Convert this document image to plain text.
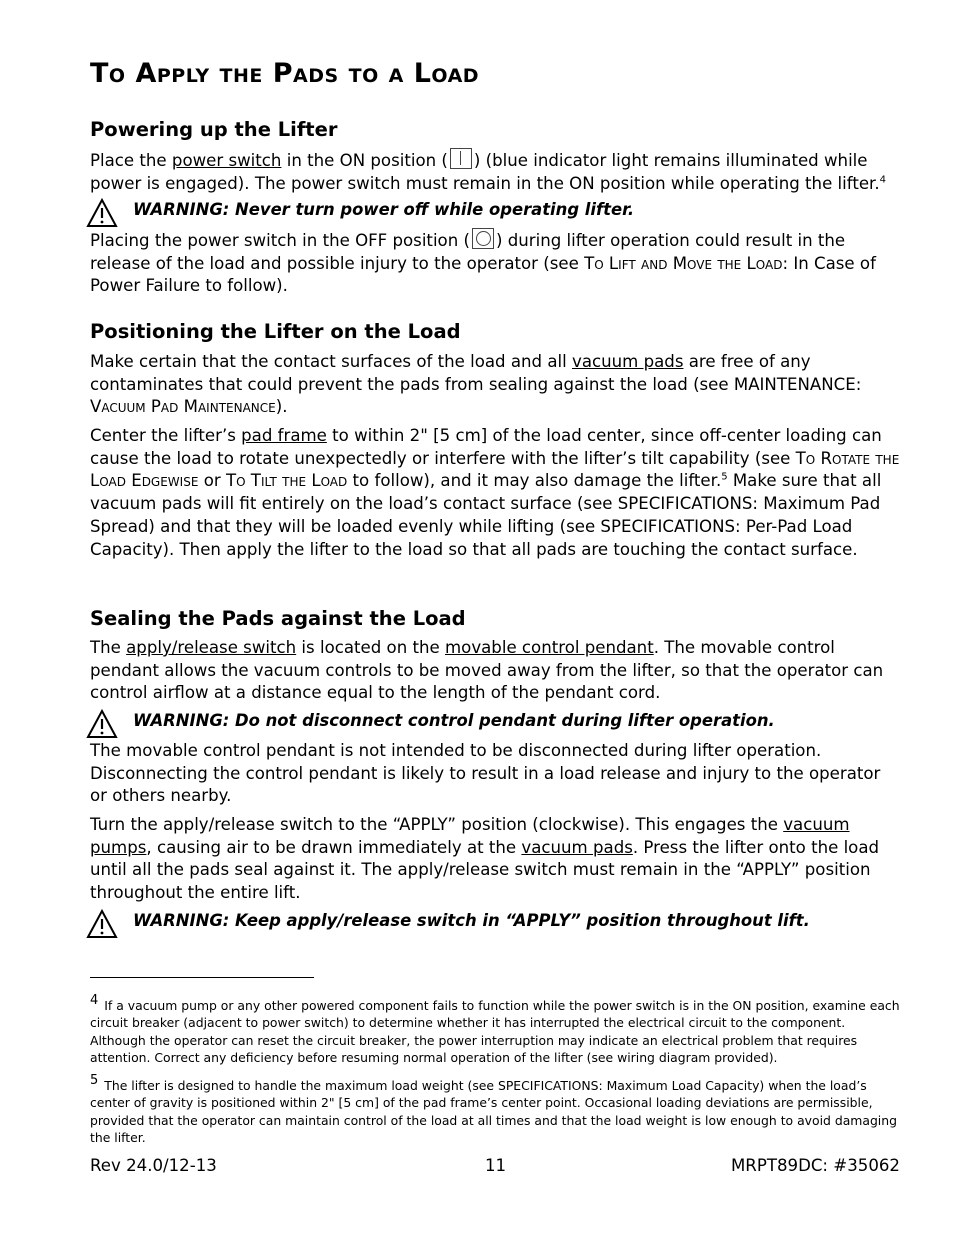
To Apply the Pads to a Load
Powering up the Lifter

Place the power switch in the ON position ( ) (blue indicator light remains illuminated while power is engaged). The power switch must remain in the ON position while operating the lifter.$^4$

WARNING: Never turn power off while operating lifter.

Placing the power switch in the OFF position ( ) during lifter operation could result in the release of the load and possible injury to the operator (see To Lift and Move the Load: In Case of Power Failure to follow).

Positioning the Lifter on the Load

Make certain that the contact surfaces of the load and all vacuum pads are free of any contaminates that could prevent the pads from sealing against the load (see MAINTENANCE: Vacuum Pad Maintenance).

Center the lifter’s pad frame to within 2" [5 cm] of the load center, since off-center loading can cause the load to rotate unexpectedly or interfere with the lifter’s tilt capability (see To Rotate the Load Edgewise or To Tilt the Load to follow), and it may also damage the lifter.$^5$ Make sure that all vacuum pads will fit entirely on the load’s contact surface (see SPECIFICATIONS: Maximum Pad Spread) and that they will be loaded evenly while lifting (see SPECIFICATIONS: Per-Pad Load Capacity). Then apply the lifter to the load so that all pads are touching the contact surface.

Sealing the Pads against the Load

The apply/release switch is located on the movable control pendant. The movable control pendant allows the vacuum controls to be moved away from the lifter, so that the operator can control airflow at a distance equal to the length of the pendant cord.

WARNING: Do not disconnect control pendant during lifter operation.

The movable control pendant is not intended to be disconnected during lifter operation. Disconnecting the control pendant is likely to result in a load release and injury to the operator or others nearby.

Turn the apply/release switch to the “APPLY” position (clockwise). This engages the vacuum pumps, causing air to be drawn immediately at the vacuum pads. Press the lifter onto the load until all the pads seal against it. The apply/release switch must remain in the “APPLY” position throughout the entire lift.

WARNING: Keep apply/release switch in “APPLY” position throughout lift.
4 If a vacuum pump or any other powered component fails to function while the power switch is in the ON position, examine each circuit breaker (adjacent to power switch) to determine whether it has interrupted the electrical circuit to the component. Although the operator can reset the circuit breaker, the power interruption may indicate an electrical problem that requires attention. Correct any deficiency before resuming normal operation of the lifter (see wiring diagram provided).
5 The lifter is designed to handle the maximum load weight (see SPECIFICATIONS: Maximum Load Capacity) when the load’s center of gravity is positioned within 2" [5 cm] of the pad frame’s center point. Occasional loading deviations are permissible, provided that the operator can maintain control of the load at all times and that the load weight is low enough to avoid damaging the lifter.
Rev 24.0/12-13	11	MRPT89DC: #35062
